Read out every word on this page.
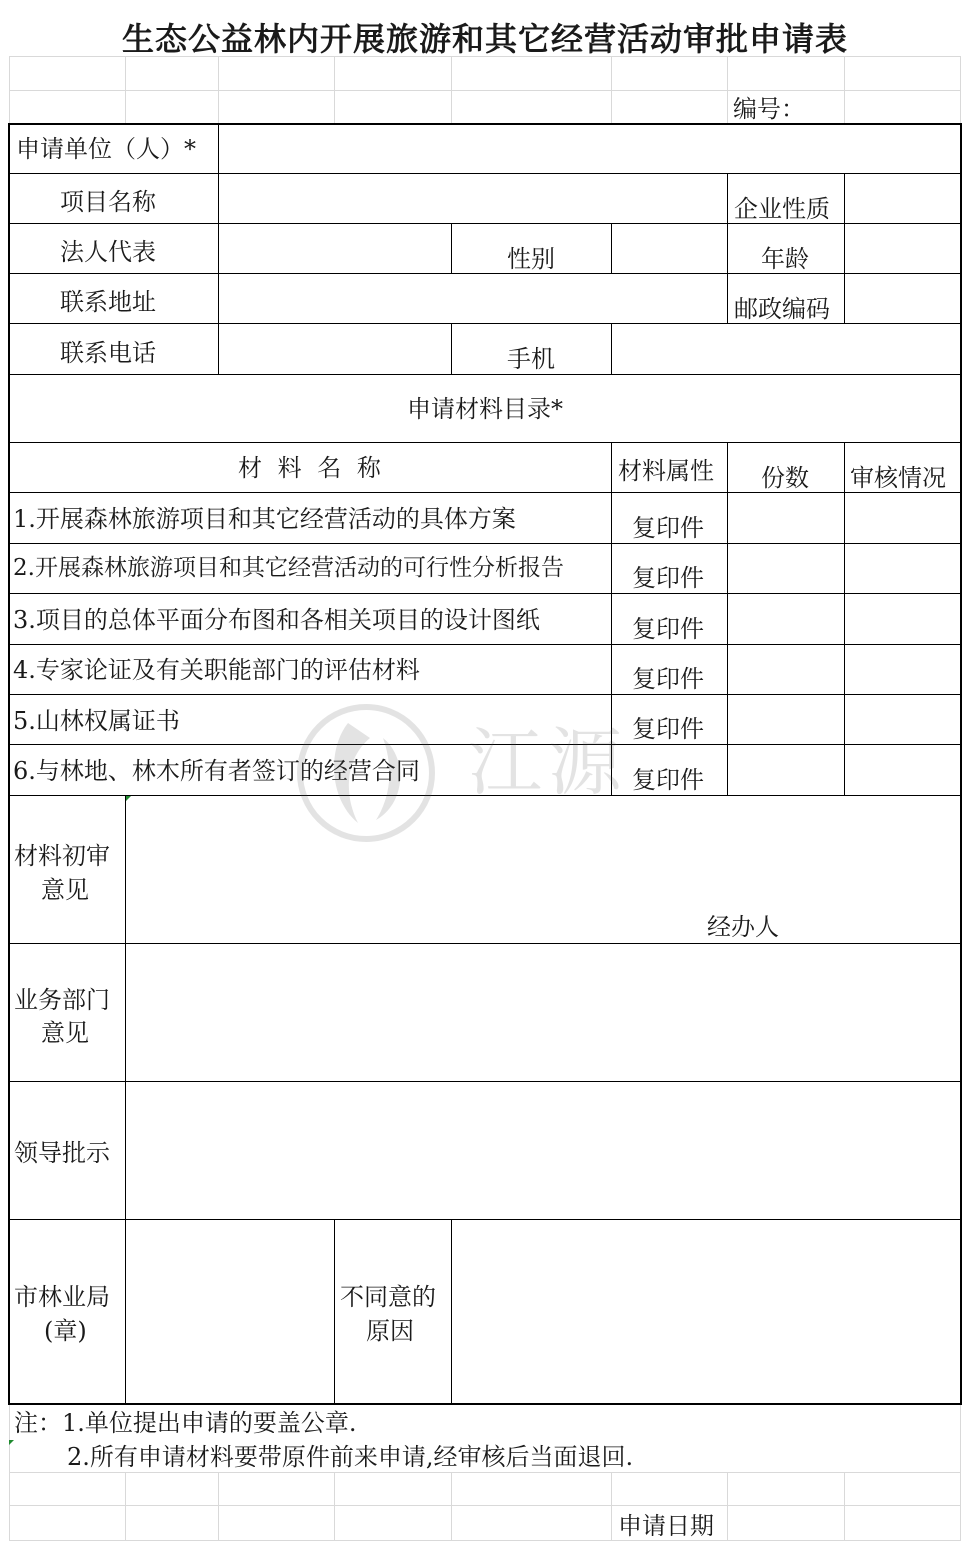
生态公益林内开展旅游和其它经营活动审批申请表
编号：
申请单位（人）*
项目名称	企业性质
法人代表	性别	年龄
联系地址	邮政编码
联系电话	手机
申请材料目录*
材 料 名 称	材料属性 份数 审核情况
1.开展森林旅游项目和其它经营活动的具体方案	复印件
2.开展森林旅游项目和其它经营活动的可行性分析报告	复印件
3.项目的总体平面分布图和各相关项目的设计图纸	复印件
4.专家论证及有关职能部门的评估材料	复印件
5.山林权属证书	复印件
6.与林地、林木所有者签订的经营合同	复印件
材料初审
意见
经办人
业务部门
意见
领导批示
市林业局
(章)
不同意的
原因
注：1.单位提出申请的要盖公章.
2.所有申请材料要带原件前来申请,经审核后当面退回.
申请日期
江源
